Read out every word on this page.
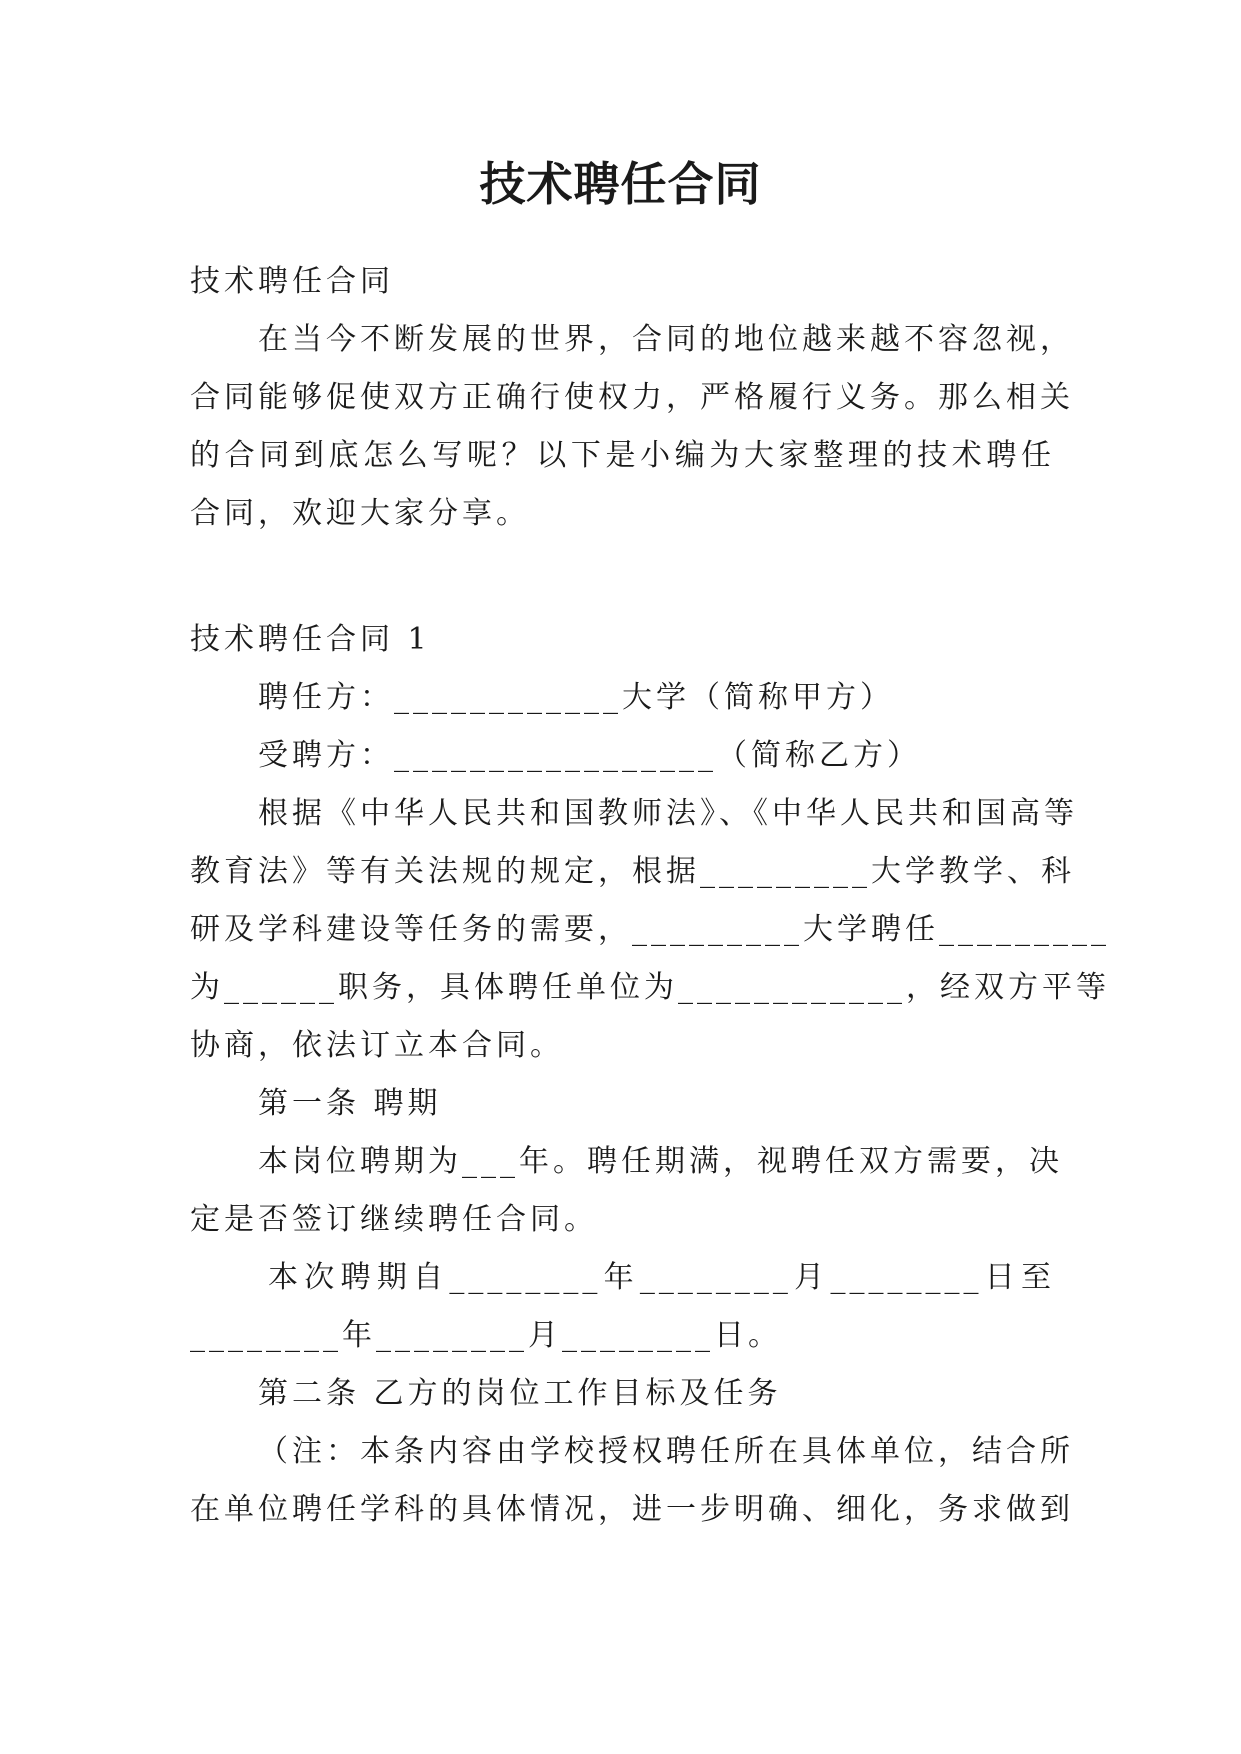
技术聘任合同
技术聘任合同
在当今不断发展的世界，合同的地位越来越不容忽视，
合同能够促使双方正确行使权力，严格履行义务。那么相关
的合同到底怎么写呢？以下是小编为大家整理的技术聘任
合同，欢迎大家分享。
技术聘任合同 1
聘任方：____________大学（简称甲方）
受聘方：_________________（简称乙方）
根据《中华人民共和国教师法》、《中华人民共和国高等
教育法》等有关法规的规定，根据_________大学教学、科
研及学科建设等任务的需要，_________大学聘任_________
为______职务，具体聘任单位为____________，经双方平等
协商，依法订立本合同。
第一条 聘期
本岗位聘期为___年。聘任期满，视聘任双方需要，决
定是否签订继续聘任合同。
本次聘期自________年________月________日至
________年________月________日。
第二条 乙方的岗位工作目标及任务
（注：本条内容由学校授权聘任所在具体单位，结合所
在单位聘任学科的具体情况，进一步明确、细化，务求做到
